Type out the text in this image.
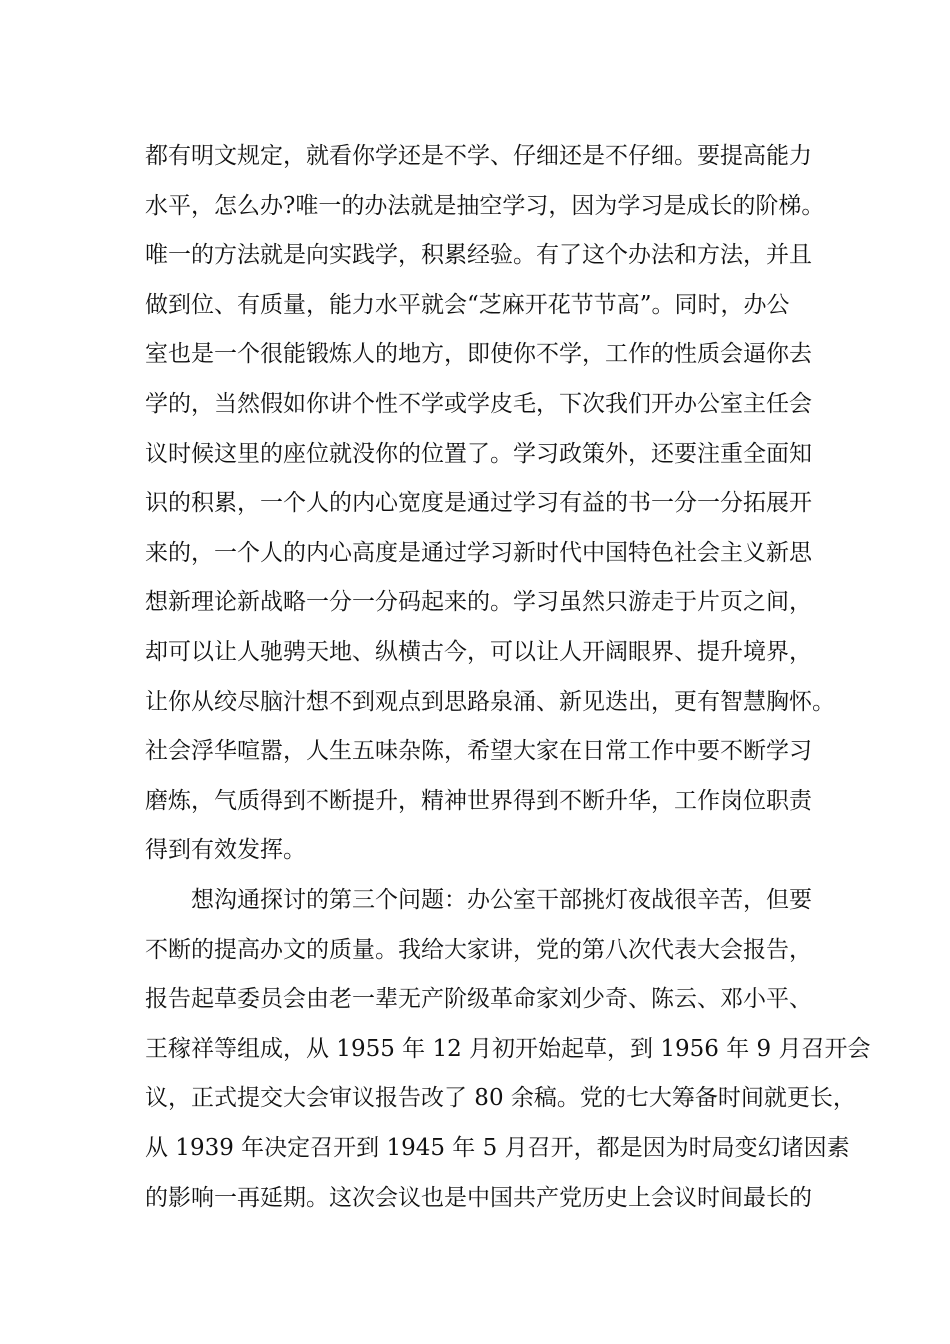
都有明文规定，就看你学还是不学、仔细还是不仔细。要提高能力
水平，怎么办?唯一的办法就是抽空学习，因为学习是成长的阶梯。
唯一的方法就是向实践学，积累经验。有了这个办法和方法，并且
做到位、有质量，能力水平就会“芝麻开花节节高”。同时，办公
室也是一个很能锻炼人的地方，即使你不学，工作的性质会逼你去
学的，当然假如你讲个性不学或学皮毛，下次我们开办公室主任会
议时候这里的座位就没你的位置了。学习政策外，还要注重全面知
识的积累，一个人的内心宽度是通过学习有益的书一分一分拓展开
来的，一个人的内心高度是通过学习新时代中国特色社会主义新思
想新理论新战略一分一分码起来的。学习虽然只游走于片页之间，
却可以让人驰骋天地、纵横古今，可以让人开阔眼界、提升境界，
让你从绞尽脑汁想不到观点到思路泉涌、新见迭出，更有智慧胸怀。
社会浮华喧嚣，人生五味杂陈，希望大家在日常工作中要不断学习
磨炼，气质得到不断提升，精神世界得到不断升华，工作岗位职责
得到有效发挥。
　　想沟通探讨的第三个问题：办公室干部挑灯夜战很辛苦，但要
不断的提高办文的质量。我给大家讲，党的第八次代表大会报告，
报告起草委员会由老一辈无产阶级革命家刘少奇、陈云、邓小平、
王稼祥等组成，从 1955 年 12 月初开始起草，到 1956 年 9 月召开会
议，正式提交大会审议报告改了 80 余稿。党的七大筹备时间就更长，
从 1939 年决定召开到 1945 年 5 月召开，都是因为时局变幻诸因素
的影响一再延期。这次会议也是中国共产党历史上会议时间最长的
